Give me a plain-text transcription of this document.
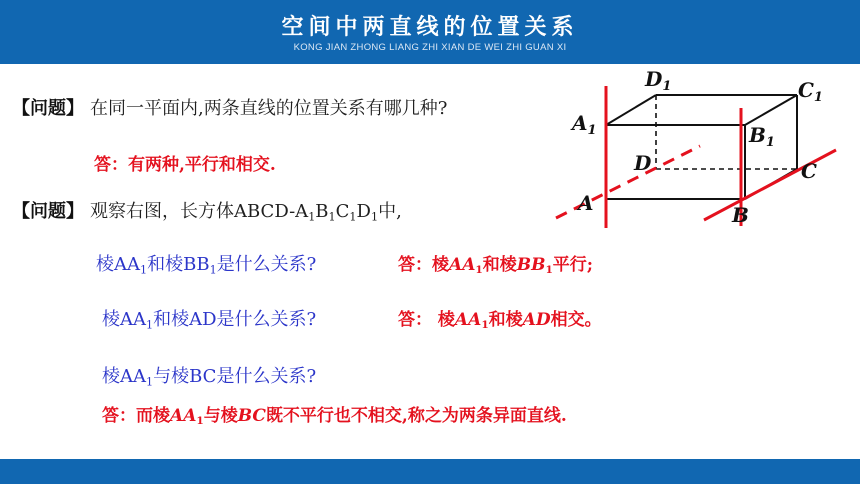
空间中两直线的位置关系
KONG JIAN ZHONG LIANG ZHI XIAN DE WEI ZHI GUAN XI
【问题】 在同一平面内,两条直线的位置关系有哪几种?
答：有两种,平行和相交.
【问题】 观察右图，长方体ABCD-$A_1B_1C_1D_1$中,
棱$AA_1$和棱$BB_1$是什么关系?	答：棱$AA_1$和棱$BB_1$平行;
棱$AA_1$和棱AD是什么关系?	答： 棱$AA_1$和棱AD相交。
棱$AA_1$与棱BC是什么关系?
答：而棱$AA_1$与棱BC既不平行也不相交,称之为两条异面直线.
$A_1$
$D_1$	$C_1$
$B_1$
D	C
A	B
